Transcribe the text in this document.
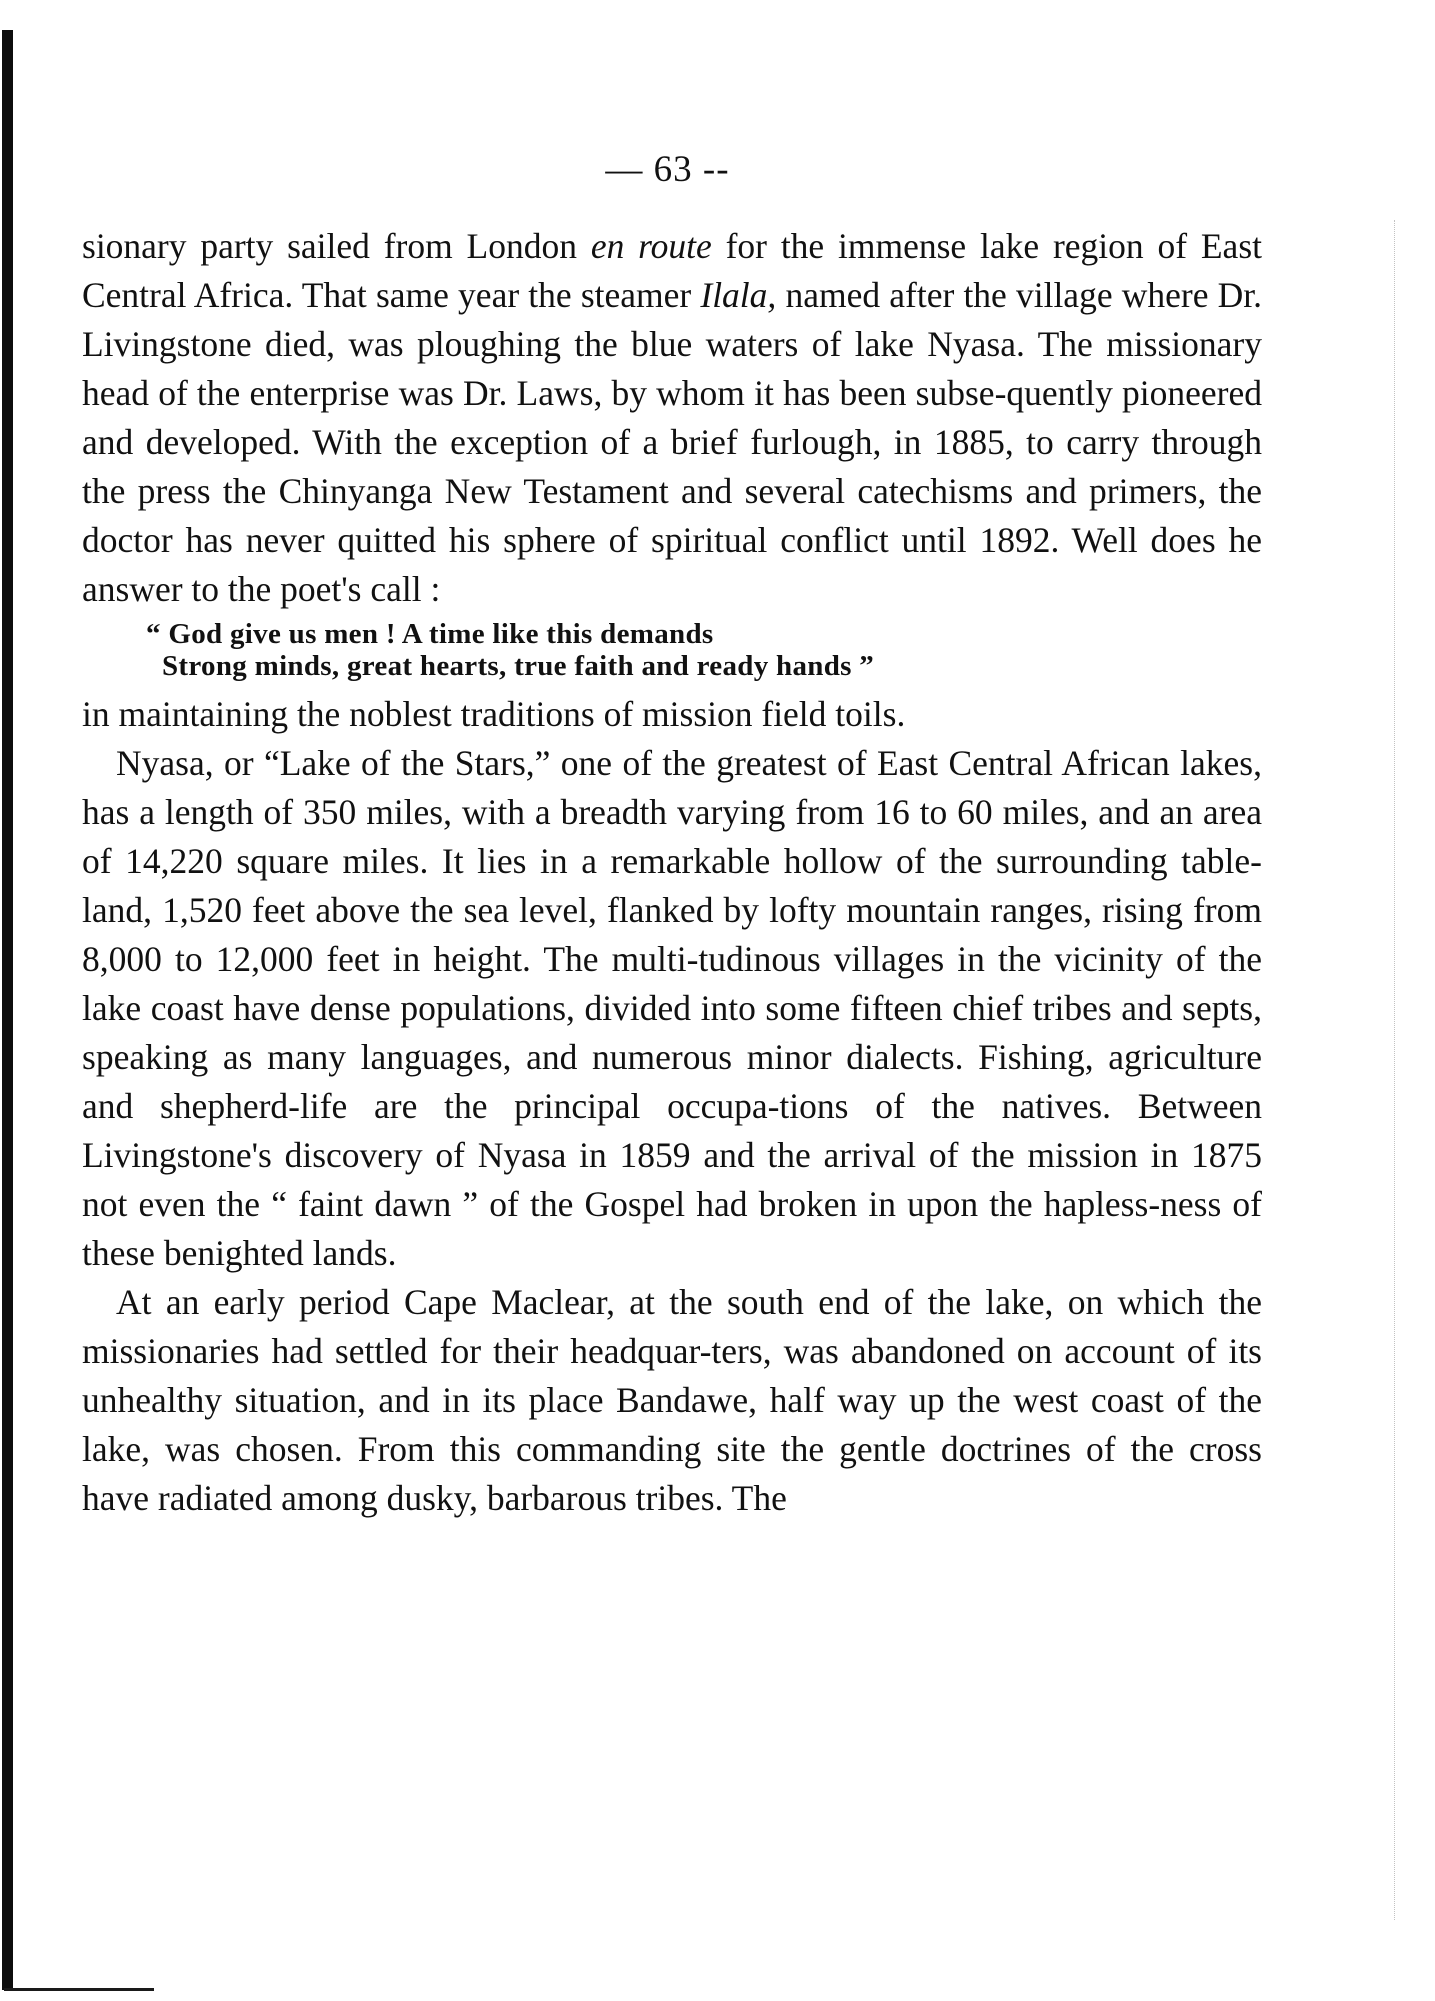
— 63 --

sionary party sailed from London en route for the immense lake region of East Central Africa. That same year the steamer Ilala, named after the village where Dr. Livingstone died, was ploughing the blue waters of lake Nyasa. The missionary head of the enterprise was Dr. Laws, by whom it has been subse-quently pioneered and developed. With the exception of a brief furlough, in 1885, to carry through the press the Chinyanga New Testament and several catechisms and primers, the doctor has never quitted his sphere of spiritual conflict until 1892. Well does he answer to the poet's call :

“ God give us men ! A time like this demands
Strong minds, great hearts, true faith and ready hands ”

in maintaining the noblest traditions of mission field toils.

Nyasa, or “Lake of the Stars,” one of the greatest of East Central African lakes, has a length of 350 miles, with a breadth varying from 16 to 60 miles, and an area of 14,220 square miles. It lies in a remarkable hollow of the surrounding table-land, 1,520 feet above the sea level, flanked by lofty mountain ranges, rising from 8,000 to 12,000 feet in height. The multi-tudinous villages in the vicinity of the lake coast have dense populations, divided into some fifteen chief tribes and septs, speaking as many languages, and numerous minor dialects. Fishing, agriculture and shepherd-life are the principal occupa-tions of the natives. Between Livingstone's discovery of Nyasa in 1859 and the arrival of the mission in 1875 not even the “ faint dawn ” of the Gospel had broken in upon the hapless-ness of these benighted lands.

At an early period Cape Maclear, at the south end of the lake, on which the missionaries had settled for their headquar-ters, was abandoned on account of its unhealthy situation, and in its place Bandawe, half way up the west coast of the lake, was chosen. From this commanding site the gentle doctrines of the cross have radiated among dusky, barbarous tribes. The
